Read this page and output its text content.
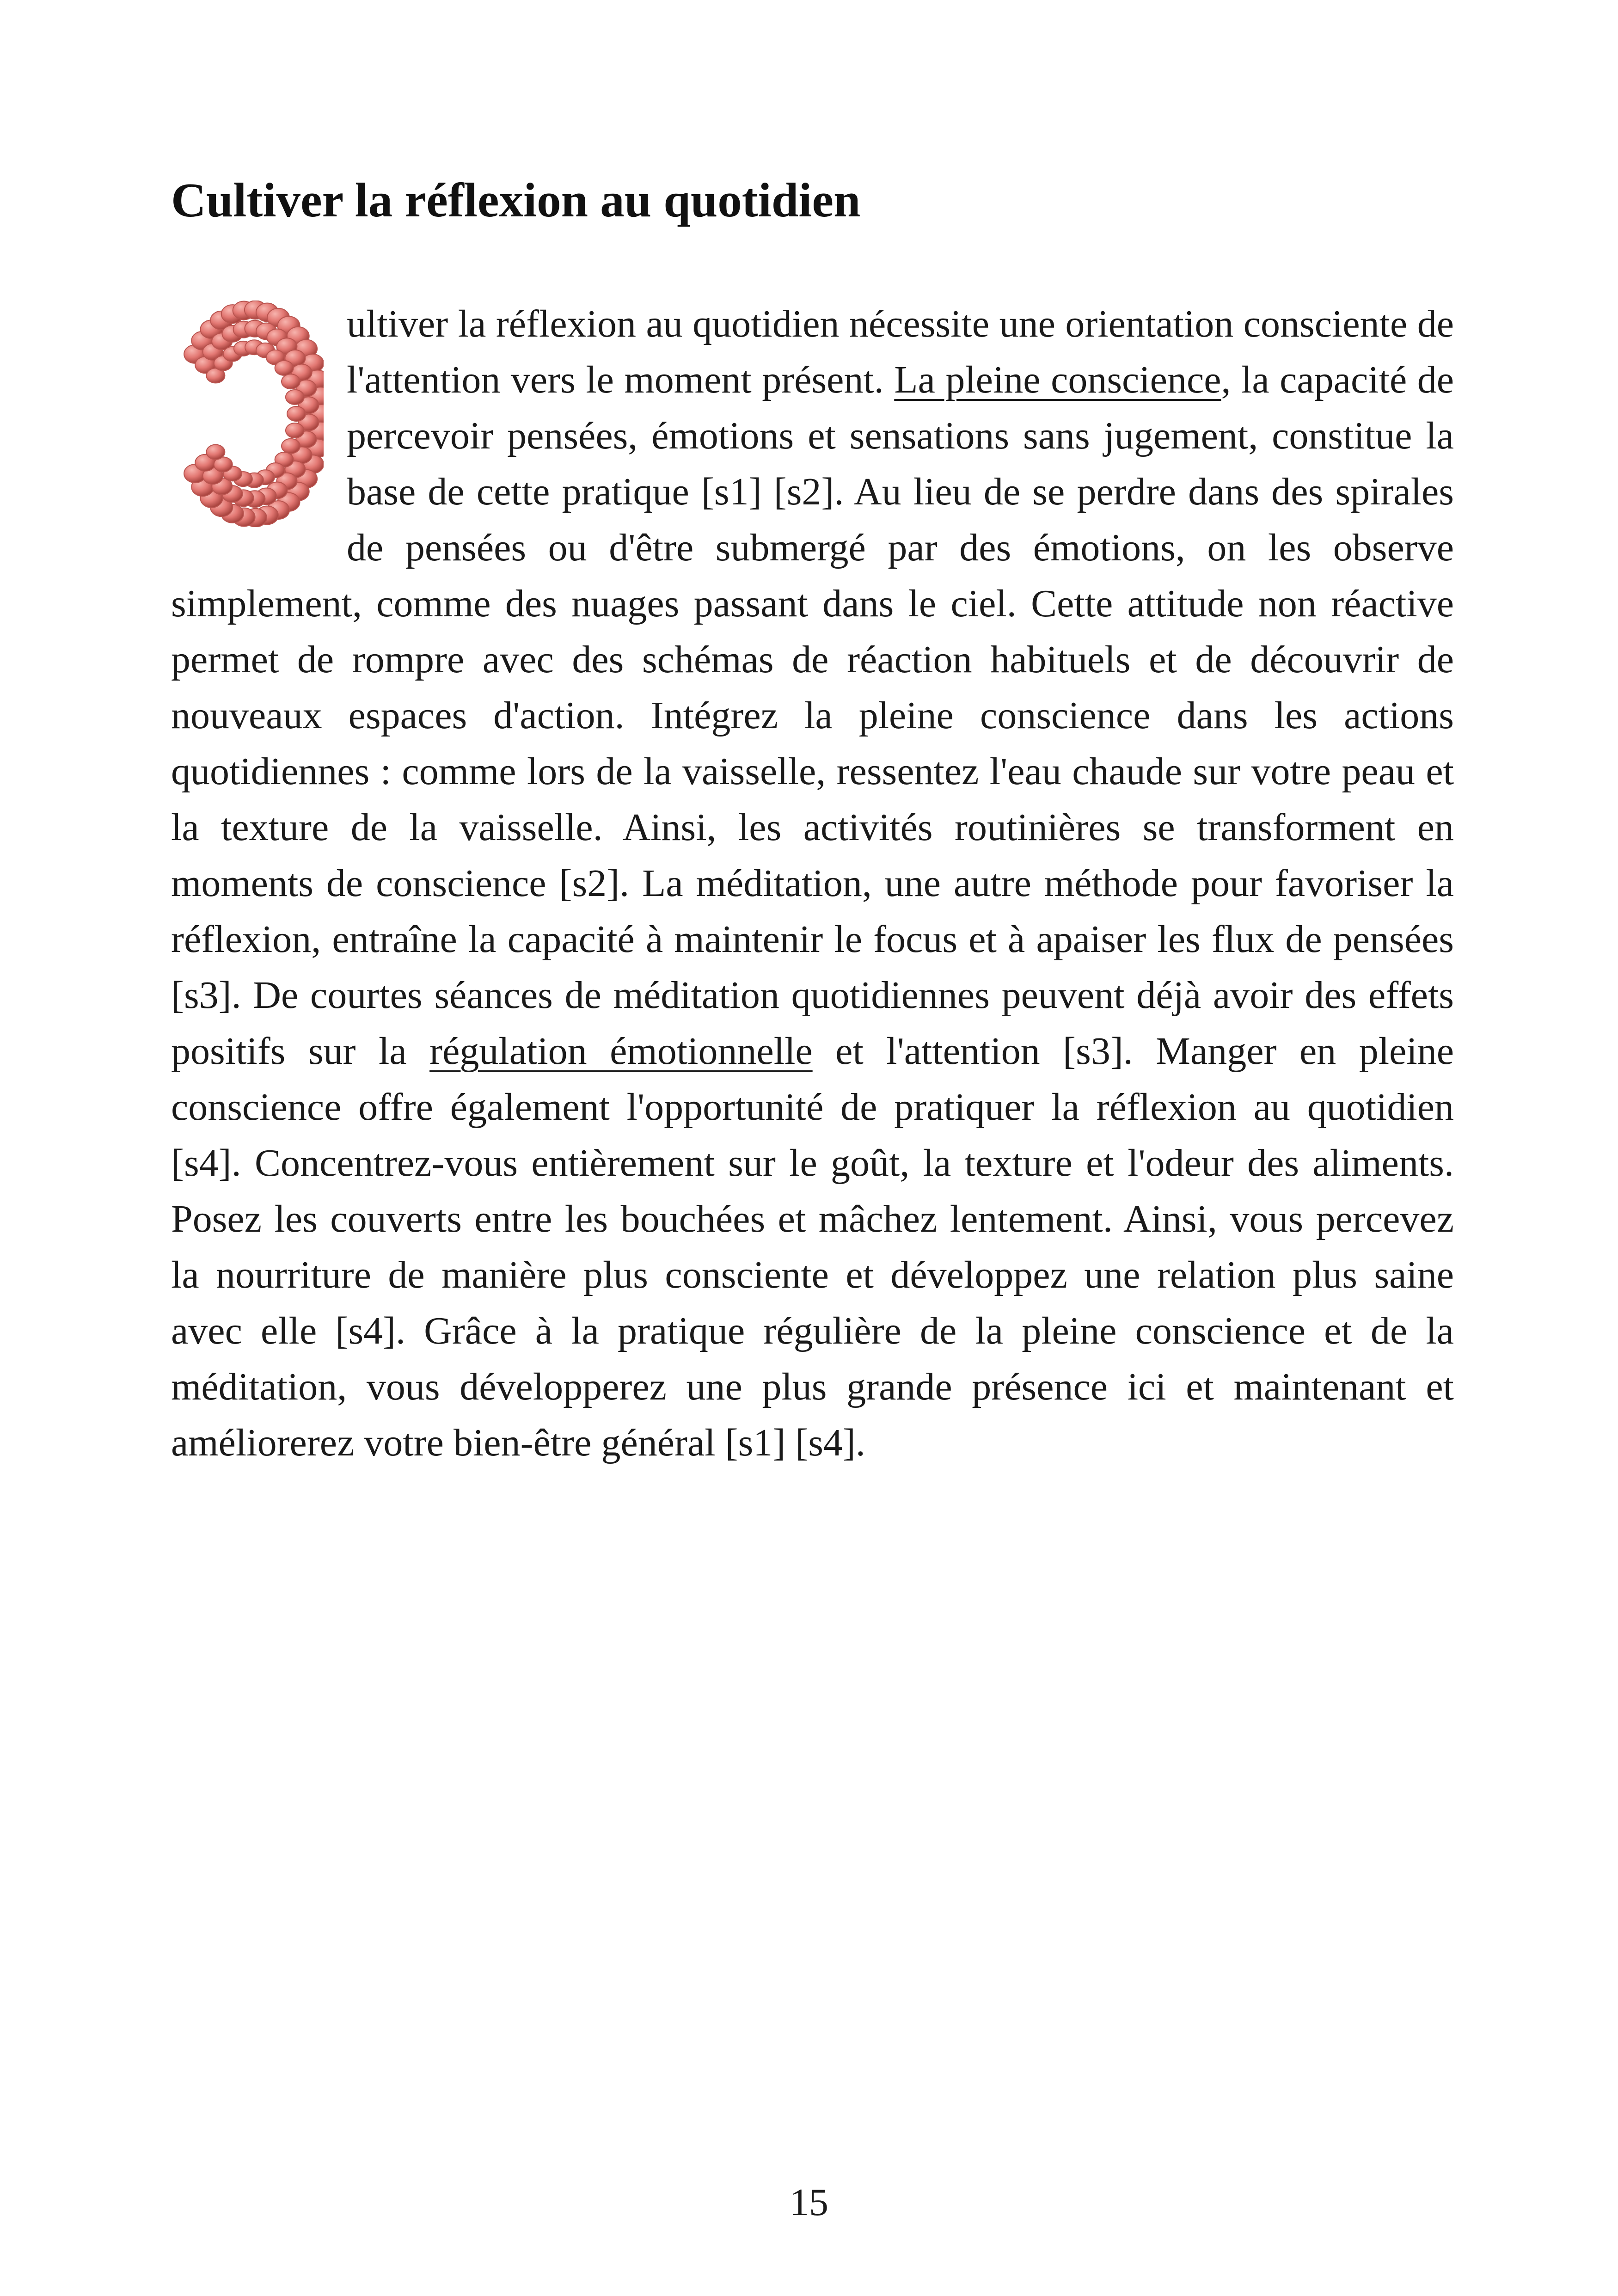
Cultiver la réflexion au quotidien

ultiver la réflexion au quotidien nécessite une orientation consciente de l'attention vers le moment présent. La pleine conscience, la capacité de percevoir pensées, émotions et sensations sans jugement, constitue la base de cette pratique [s1] [s2]. Au lieu de se perdre dans des spirales de pensées ou d'être submergé par des émotions, on les observe simplement, comme des nuages passant dans le ciel. Cette attitude non réactive permet de rompre avec des schémas de réaction habituels et de découvrir de nouveaux espaces d'action. Intégrez la pleine conscience dans les actions quotidiennes : comme lors de la vaisselle, ressentez l'eau chaude sur votre peau et la texture de la vaisselle. Ainsi, les activités routinières se transforment en moments de conscience [s2]. La méditation, une autre méthode pour favoriser la réflexion, entraîne la capacité à maintenir le focus et à apaiser les flux de pensées [s3]. De courtes séances de méditation quotidiennes peuvent déjà avoir des effets positifs sur la régulation émotionnelle et l'attention [s3]. Manger en pleine conscience offre également l'opportunité de pratiquer la réflexion au quotidien [s4]. Concentrez-vous entièrement sur le goût, la texture et l'odeur des aliments. Posez les couverts entre les bouchées et mâchez lentement. Ainsi, vous percevez la nourriture de manière plus consciente et développez une relation plus saine avec elle [s4]. Grâce à la pratique régulière de la pleine conscience et de la méditation, vous développerez une plus grande présence ici et maintenant et améliorerez votre bien-être général [s1] [s4].

15
